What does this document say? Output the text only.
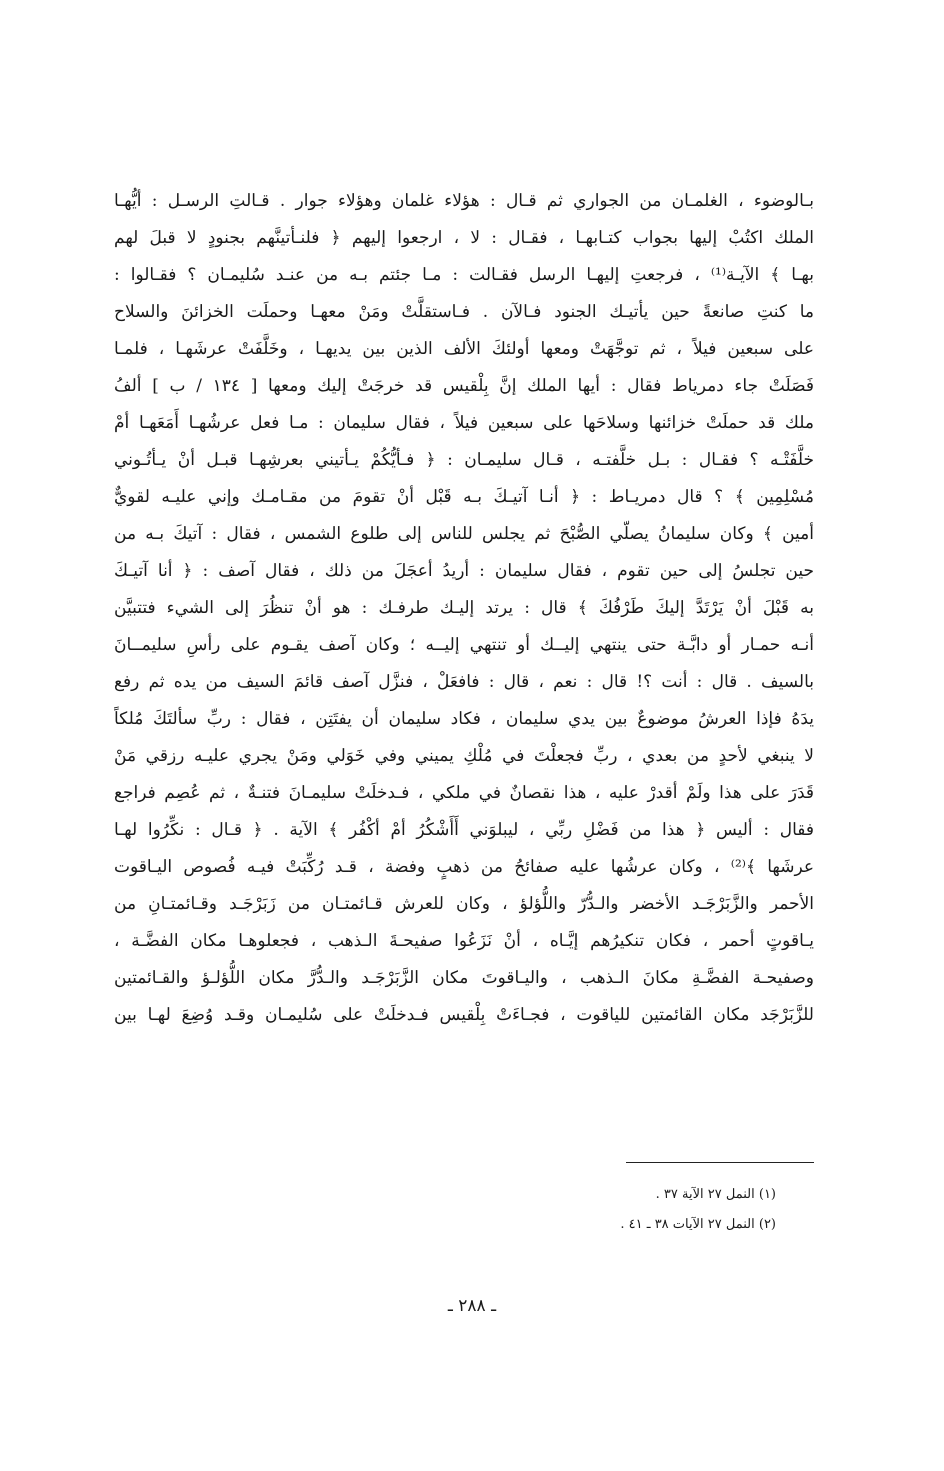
بـالوضوء ، الغلمـان من الجواري ثم قـال : هؤلاء غلمان وهؤلاء جوار . قـالتِ الرسـل : أيُّهـا
الملك اكتُبْ إليها بجواب كتـابهـا ، فقـال : لا ، ارجعوا إليهم ﴿ فلنـأتينَّهم بجنودٍ لا قبلَ لهم
بهـا ﴾ الآيـة⁽¹⁾ ، فرجعتِ إليهـا الرسل فقـالت : مـا جئتم بـه من عنـد سُليمـان ؟ فقـالوا :
ما كنتِ صانعةً حين يأتيـك الجنود فـالآن . فـاستقلَّتْ ومَنْ معهـا وحملَت الخزائنَ والسلاح
على سبعين فيلاً ، ثم توجَّهَتْ ومعها أولئكَ الألف الذين بين يديهـا ، وخَلَّفَتْ عرشَهـا ، فلمـا
فَصَلَتْ جاء دمرياط فقال : أيها الملك إنَّ بِلْقيس قد خرجَتْ إليك ومعها [ ١٣٤ / ب ] ألفُ
ملك قد حملَتْ خزائنها وسلاحَها على سبعين فيلاً ، فقال سليمان : مـا فعل عرشُهـا أَمَعَهـا أمْ
خلَّفَتْـه ؟ فقـال : بـل خلَّفتـه ، قـال سليمـان : ﴿ فـأيُّكُمْ يـأتيني بعرشِهـا قبـل أنْ يـأتُـوني
مُسْلِمِين ﴾ ؟ قال دمريـاط : ﴿ أنـا آتيـكَ بـه قَبْل أنْ تقومَ من مقـامـك وإني عليـه لقويٌّ
أمين ﴾ وكان سليمانُ يصلّي الصُّبْحَ ثم يجلس للناس إلى طلوع الشمس ، فقال : آتيكَ بـه من
حين تجلسُ إلى حين تقوم ، فقال سليمان : أريدُ أعجَلَ من ذلك ، فقال آصف : ﴿ أنا آتيـكَ
به قَبْلَ أنْ يَرْتَدَّ إليكَ طَرْفُكَ ﴾ قال : يرتد إليـك طرفـك : هو أنْ تنظُرَ إلى الشيء فتتبيَّن
أنـه حمـار أو دابَّـة حتى ينتهي إليــك أو تنتهي إليــه ؛ وكان آصف يقـوم على رأسِ سليمــانَ
بالسيف . قال : أنت ؟! قال : نعم ، قال : فافعَلْ ، فنزَّل آصف قائمَ السيف من يده ثم رفع
يدَهُ فإذا العرشُ موضوعٌ بين يدي سليمان ، فكاد سليمان أن يفتَتِن ، فقال : ربِّ سألتَكَ مُلكاً
لا ينبغي لأحدٍ من بعدي ، ربِّ فجعلْتَ في مُلْكِ يميني وفي خَوَلي ومَنْ يجري عليـه رزقي مَنْ
قَدَرَ على هذا ولَمْ أقدرْ عليه ، هذا نقصانٌ في ملكي ، فـدخلَتْ سليمـانَ فتنـةٌ ، ثم عُصِم فراجع
فقال : أليس ﴿ هذا من فَضْلِ ربِّي ، ليبلوَني أَأَشْكُرُ أمْ أكْفُر ﴾ الآية . ﴿ قـال : نكِّرُوا لهـا
عرشَها ﴾⁽²⁾ ، وكان عرشُها عليه صفائحُ من ذهبٍ وفضة ، قـد رُكِّبَتْ فيـه فُصوص اليـاقوت
الأحمر والزَّبَرْجَـد الأخضر والـدُّرّ واللُّؤلؤ ، وكان للعرش قـائمتـان من زَبَرْجَـد وقـائمتـانِ من
يـاقوتٍ أحمر ، فكان تنكيرُهم إيَّـاه ، أنْ نَزَعُوا صفيحـةَ الـذهب ، فجعلوهـا مكان الفضَّـة ،
وصفيحـة الفضَّـةِ مكانَ الـذهب ، واليـاقوتَ مكان الزَّبَرْجَـد والـدُّرَّ مكان اللُّؤلـؤ والقـائمتين
للزَّبَرْجَد مكان القائمتين للياقوت ، فجـاءَتْ بِلْقيس فـدخلَتْ على سُليمـان وقـد وُضِعَ لهـا بين
(١) النمل ٢٧ الآية ٣٧ .
(٢) النمل ٢٧ الآيات ٣٨ ـ ٤١ .
ـ ٢٨٨ ـ
